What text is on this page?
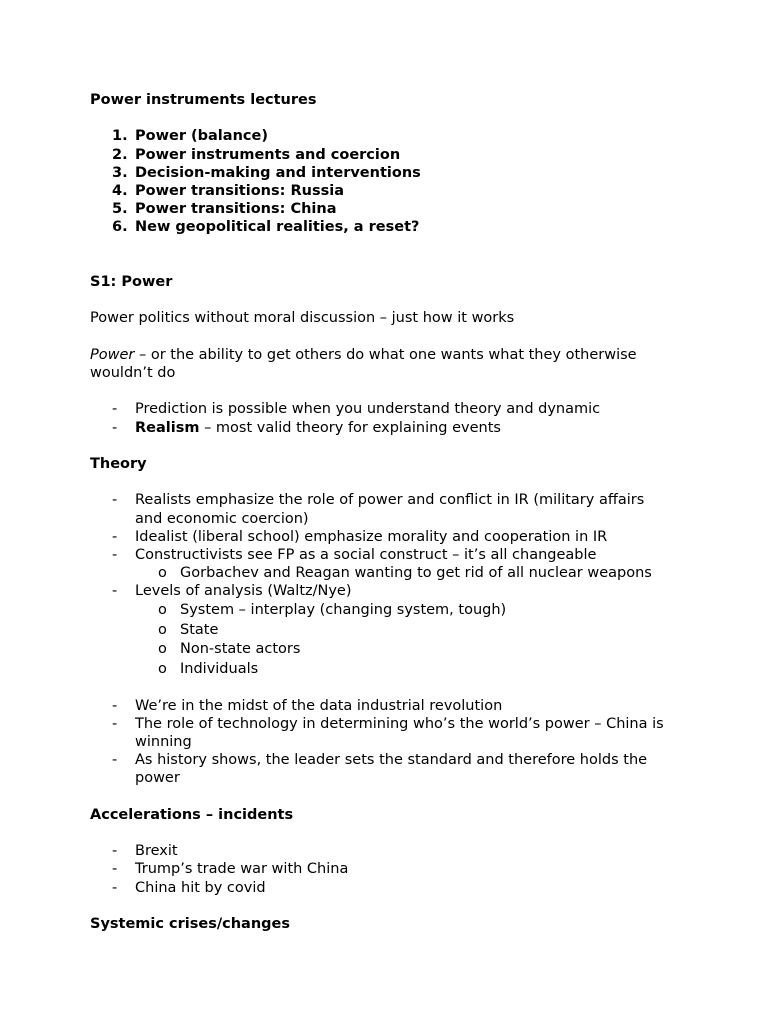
Power instruments lectures
1. Power (balance)
2. Power instruments and coercion
3. Decision-making and interventions
4. Power transitions: Russia
5. Power transitions: China
6. New geopolitical realities, a reset?
S1: Power
Power politics without moral discussion – just how it works
Power – or the ability to get others do what one wants what they otherwise wouldn’t do
- Prediction is possible when you understand theory and dynamic
- Realism – most valid theory for explaining events
Theory
- Realists emphasize the role of power and conflict in IR (military affairs and economic coercion)
- Idealist (liberal school) emphasize morality and cooperation in IR
- Constructivists see FP as a social construct – it’s all changeable
o Gorbachev and Reagan wanting to get rid of all nuclear weapons
- Levels of analysis (Waltz/Nye)
o System – interplay (changing system, tough)
o State
o Non-state actors
o Individuals
- We’re in the midst of the data industrial revolution
- The role of technology in determining who’s the world’s power – China is winning
- As history shows, the leader sets the standard and therefore holds the power
Accelerations – incidents
- Brexit
- Trump’s trade war with China
- China hit by covid
Systemic crises/changes
